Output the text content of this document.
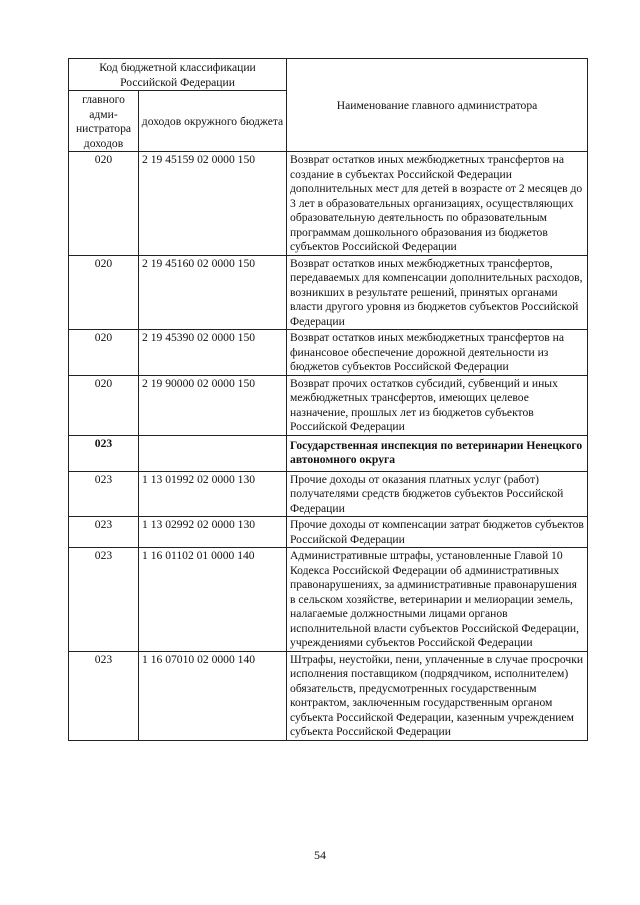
Код бюджетной классификации Российской Федерации		Наименование главного администратора
главного адми-нистратора доходов	доходов окружного бюджета	
020	2 19 45159 02 0000 150	Возврат остатков иных межбюджетных трансфертов на создание в субъектах Российской Федерации дополнительных мест для детей в возрасте от 2 месяцев до 3 лет в образовательных организациях, осуществляющих образовательную деятельность по образовательным программам дошкольного образования из бюджетов субъектов Российской Федерации
020	2 19 45160 02 0000 150	Возврат остатков иных межбюджетных трансфертов, передаваемых для компенсации дополнительных расходов, возникших в результате решений, принятых органами власти другого уровня из бюджетов субъектов Российской Федерации
020	2 19 45390 02 0000 150	Возврат остатков иных межбюджетных трансфертов на финансовое обеспечение дорожной деятельности из бюджетов субъектов Российской Федерации
020	2 19 90000 02 0000 150	Возврат прочих остатков субсидий, субвенций и иных межбюджетных трансфертов, имеющих целевое назначение, прошлых лет из бюджетов субъектов Российской Федерации
023		Государственная инспекция по ветеринарии Ненецкого автономного округа
023	1 13 01992 02 0000 130	Прочие доходы от оказания платных услуг (работ) получателями средств бюджетов субъектов Российской Федерации
023	1 13 02992 02 0000 130	Прочие доходы от компенсации затрат бюджетов субъектов Российской Федерации
023	1 16 01102 01 0000 140	Административные штрафы, установленные Главой 10 Кодекса Российской Федерации об административных правонарушениях, за административные правонарушения в сельском хозяйстве, ветеринарии и мелиорации земель, налагаемые должностными лицами органов исполнительной власти субъектов Российской Федерации, учреждениями субъектов Российской Федерации
023	1 16 07010 02 0000 140	Штрафы, неустойки, пени, уплаченные в случае просрочки исполнения поставщиком (подрядчиком, исполнителем) обязательств, предусмотренных государственным контрактом, заключенным государственным органом субъекта Российской Федерации, казенным учреждением субъекта Российской Федерации
54
